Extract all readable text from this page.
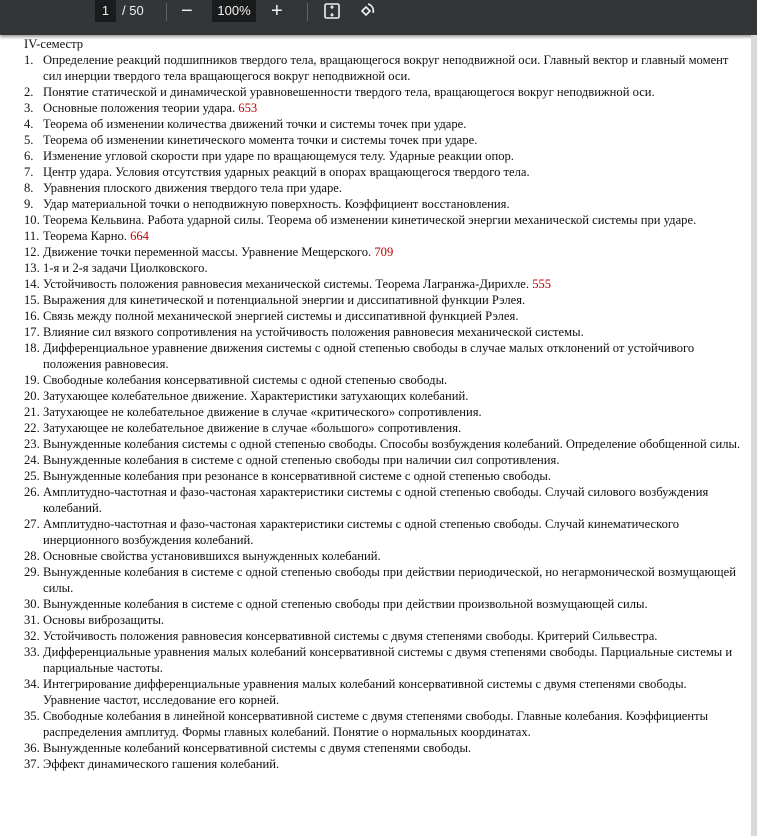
1 / 50 −	100% +
IV-семестр
1. Определение реакций подшипников твердого тела, вращающегося вокруг неподвижной оси. Главный вектор и главный момент сил инерции твердого тела вращающегося вокруг неподвижной оси.
2. Понятие статической и динамической уравновешенности твердого тела, вращающегося вокруг неподвижной оси.
3. Основные положения теории удара. 653
4. Теорема об изменении количества движений точки и системы точек при ударе.
5. Теорема об изменении кинетического момента точки и системы точек при ударе.
6. Изменение угловой скорости при ударе по вращающемуся телу. Ударные реакции опор.
7. Центр удара. Условия отсутствия ударных реакций в опорах вращающегося твердого тела.
8. Уравнения плоского движения твердого тела при ударе.
9. Удар материальной точки о неподвижную поверхность. Коэффициент восстановления.
10. Теорема Кельвина. Работа ударной силы. Теорема об изменении кинетической энергии механической системы при ударе.
11. Теорема Карно. 664
12. Движение точки переменной массы. Уравнение Мещерского. 709
13. 1-я и 2-я задачи Циолковского.
14. Устойчивость положения равновесия механической системы. Теорема Лагранжа-Дирихле. 555
15. Выражения для кинетической и потенциальной энергии и диссипативной функции Рэлея.
16. Связь между полной механической энергией системы и диссипативной функцией Рэлея.
17. Влияние сил вязкого сопротивления на устойчивость положения равновесия механической системы.
18. Дифференциальное уравнение движения системы с одной степенью свободы в случае малых отклонений от устойчивого положения равновесия.
19. Свободные колебания консервативной системы с одной степенью свободы.
20. Затухающее колебательное движение. Характеристики затухающих колебаний.
21. Затухающее не колебательное движение в случае «критического» сопротивления.
22. Затухающее не колебательное движение в случае «большого» сопротивления.
23. Вынужденные колебания системы с одной степенью свободы. Способы возбуждения колебаний. Определение обобщенной силы.
24. Вынужденные колебания в системе с одной степенью свободы при наличии сил сопротивления.
25. Вынужденные колебания при резонансе в консервативной системе с одной степенью свободы.
26. Амплитудно-частотная и фазо-частоная характеристики системы с одной степенью свободы. Случай силового возбуждения колебаний.
27. Амплитудно-частотная и фазо-частоная характеристики системы с одной степенью свободы. Случай кинематического инерционного возбуждения колебаний.
28. Основные свойства установившихся вынужденных колебаний.
29. Вынужденные колебания в системе с одной степенью свободы при действии периодической, но негармонической возмущающей силы.
30. Вынужденные колебания в системе с одной степенью свободы при действии произвольной возмущающей силы.
31. Основы виброзащиты.
32. Устойчивость положения равновесия консервативной системы с двумя степенями свободы. Критерий Сильвестра.
33. Дифференциальные уравнения малых колебаний консервативной системы с двумя степенями свободы. Парциальные системы и парциальные частоты.
34. Интегрирование дифференциальные уравнения малых колебаний консервативной системы с двумя степенями свободы. Уравнение частот, исследование его корней.
35. Свободные колебания в линейной консервативной системе с двумя степенями свободы. Главные колебания. Коэффициенты распределения амплитуд. Формы главных колебаний. Понятие о нормальных координатах.
36. Вынужденные колебаний консервативной системы с двумя степенями свободы.
37. Эффект динамического гашения колебаний.
